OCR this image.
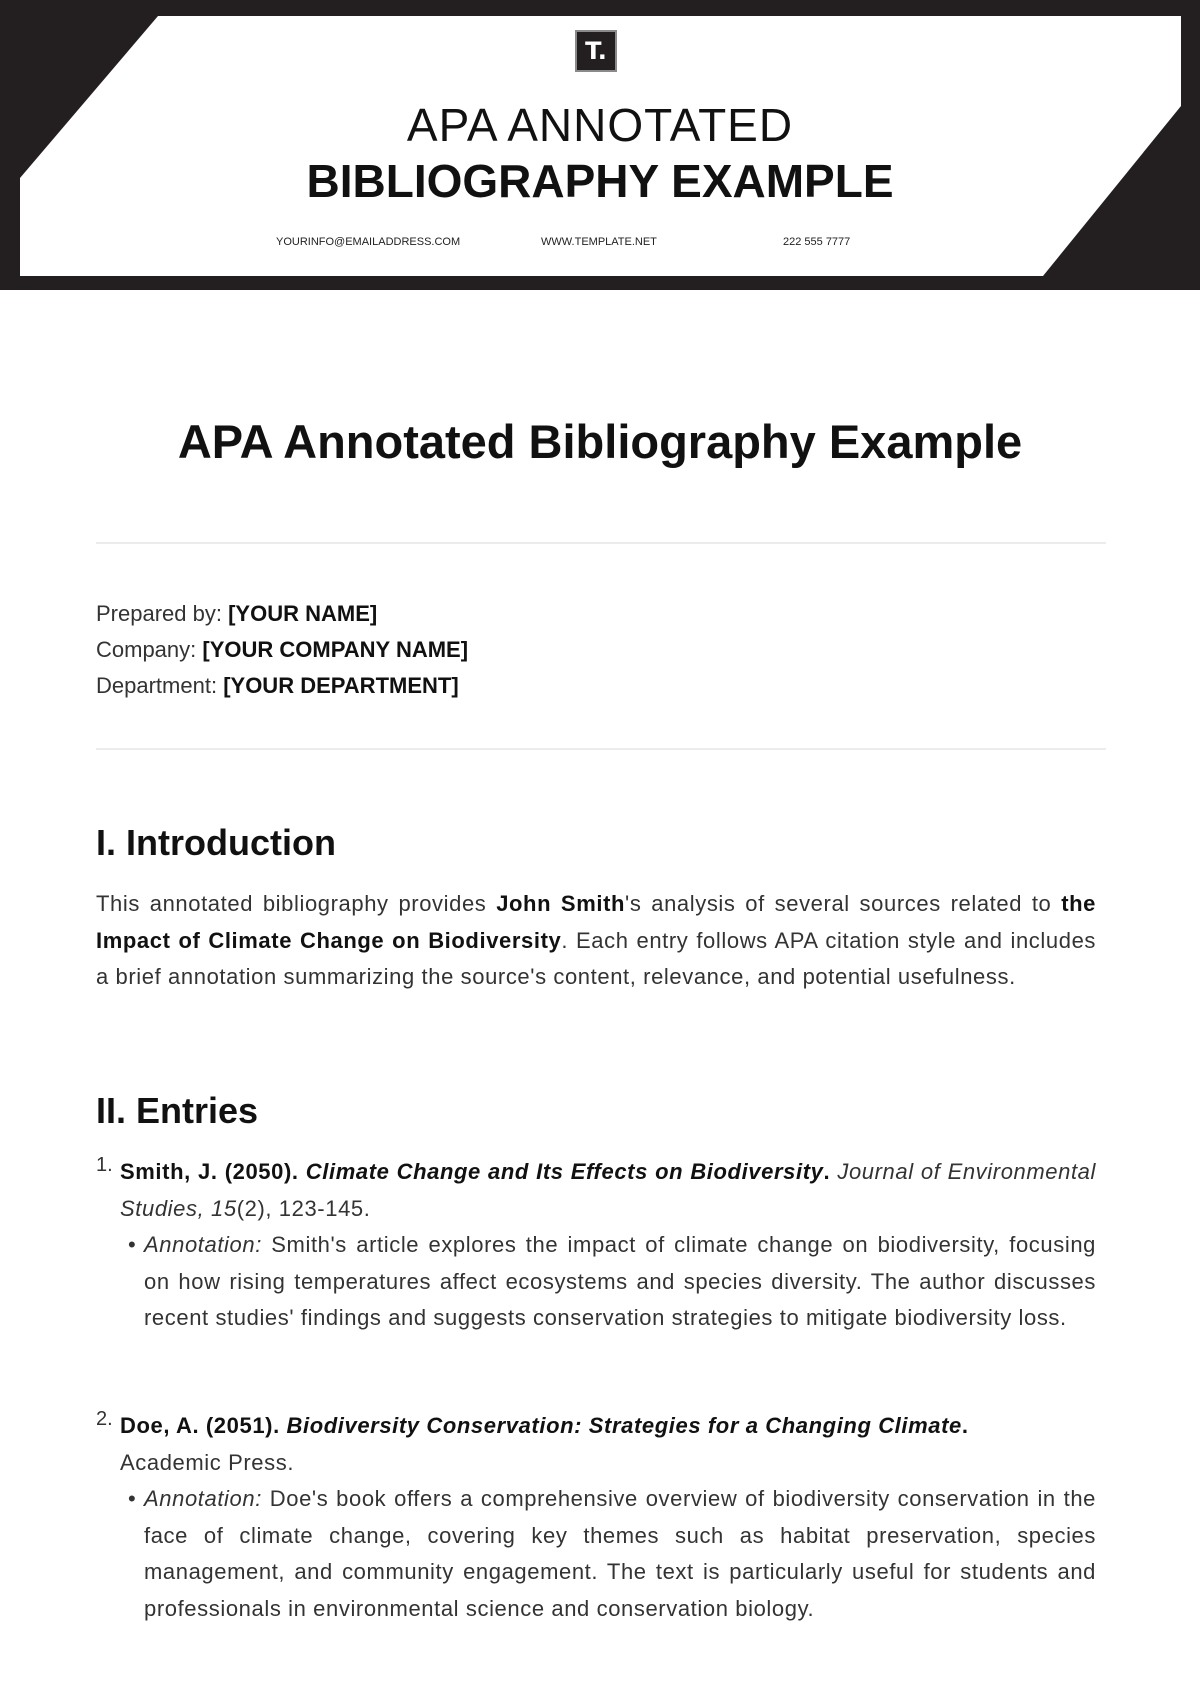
T.
APA ANNOTATED
BIBLIOGRAPHY EXAMPLE
YOURINFO@EMAILADDRESS.COM	WWW.TEMPLATE.NET	222 555 7777
APA Annotated Bibliography Example
Prepared by: [YOUR NAME]
Company: [YOUR COMPANY NAME]
Department: [YOUR DEPARTMENT]
I. Introduction
This annotated bibliography provides John Smith's analysis of several sources related to the Impact of Climate Change on Biodiversity. Each entry follows APA citation style and includes a brief annotation summarizing the source's content, relevance, and potential usefulness.
II. Entries
1. Smith, J. (2050). Climate Change and Its Effects on Biodiversity. Journal of Environmental Studies, 15(2), 123-145.
• Annotation: Smith's article explores the impact of climate change on biodiversity, focusing on how rising temperatures affect ecosystems and species diversity. The author discusses recent studies' findings and suggests conservation strategies to mitigate biodiversity loss.
2. Doe, A. (2051). Biodiversity Conservation: Strategies for a Changing Climate.
Academic Press.
• Annotation: Doe's book offers a comprehensive overview of biodiversity conservation in the face of climate change, covering key themes such as habitat preservation, species management, and community engagement. The text is particularly useful for students and professionals in environmental science and conservation biology.
